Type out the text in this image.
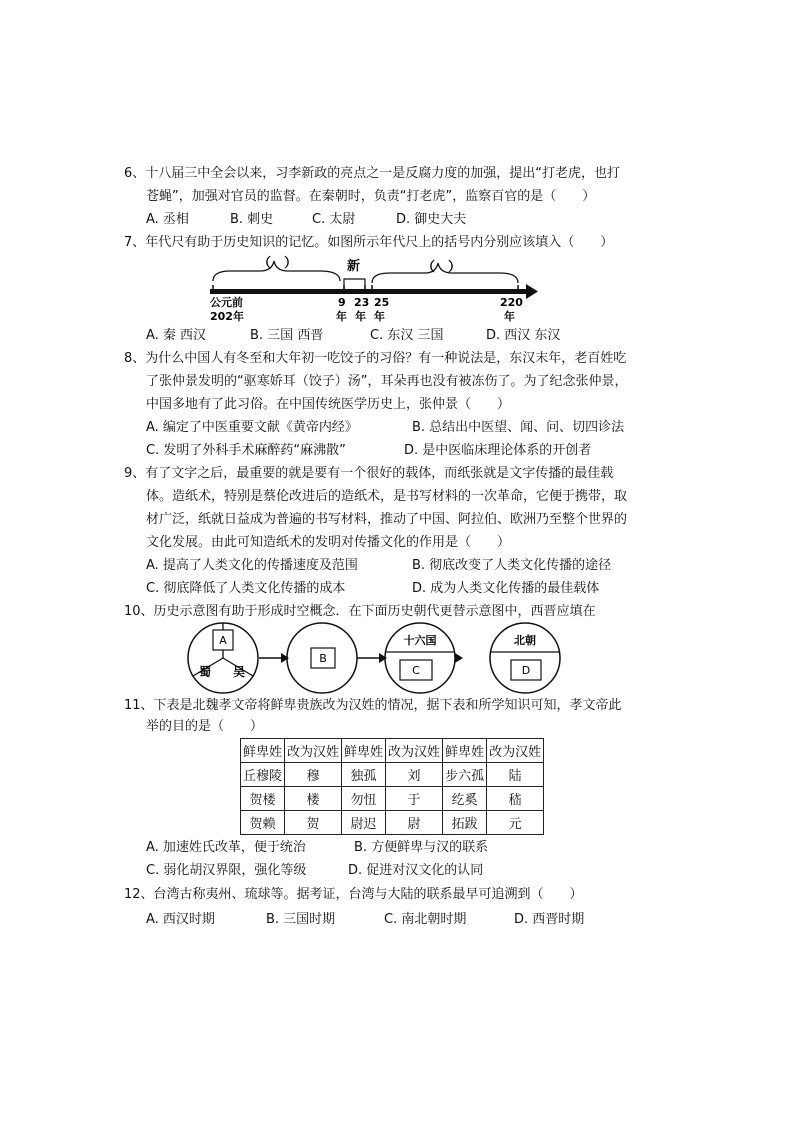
6、十八届三中全会以来，习李新政的亮点之一是反腐力度的加强，提出“打老虎，也打
苍蝇”，加强对官员的监督。在秦朝时，负责“打老虎”，监察百官的是（　　）
A. 丞相	B. 刺史	C. 太尉	D. 御史大夫
7、年代尺有助于历史知识的记忆。如图所示年代尺上的括号内分别应该填入（　　）
（　）	新	（　）
公元前
202年
9
年
23
年
25
年
220
年
A. 秦 西汉	B. 三国 西晋	C. 东汉 三国	D. 西汉 东汉
8、为什么中国人有冬至和大年初一吃饺子的习俗？有一种说法是，东汉末年，老百姓吃
了张仲景发明的“驱寒娇耳（饺子）汤”，耳朵再也没有被冻伤了。为了纪念张仲景，
中国多地有了此习俗。在中国传统医学历史上，张仲景（　　）
A. 编定了中医重要文献《黄帝内经》	B. 总结出中医望、闻、问、切四诊法
C. 发明了外科手术麻醉药“麻沸散”	D. 是中医临床理论体系的开创者
9、有了文字之后，最重要的就是要有一个很好的载体，而纸张就是文字传播的最佳载
体。造纸术，特别是蔡伦改进后的造纸术，是书写材料的一次革命，它便于携带，取
材广泛，纸就日益成为普遍的书写材料，推动了中国、阿拉伯、欧洲乃至整个世界的
文化发展。由此可知造纸术的发明对传播文化的作用是（　　）
A. 提高了人类文化的传播速度及范围	B. 彻底改变了人类文化传播的途径
C. 彻底降低了人类文化传播的成本	D. 成为人类文化传播的最佳载体
10、历史示意图有助于形成时空概念．在下面历史朝代更替示意图中，西晋应填在
A
蜀 吴
B
十六国
C
北朝
D
11、下表是北魏孝文帝将鲜卑贵族改为汉姓的情况，据下表和所学知识可知，孝文帝此
举的目的是（　　）
鲜卑姓	改为汉姓	鲜卑姓	改为汉姓	鲜卑姓	改为汉姓
丘穆陵	穆	独孤	刘	步六孤	陆
贺楼	楼	勿忸	于	纥奚	嵇
贺赖	贺	尉迟	尉	拓跋	元
A. 加速姓氏改革，便于统治	B. 方便鲜卑与汉的联系
C. 弱化胡汉界限，强化等级	D. 促进对汉文化的认同
12、台湾古称夷州、琉球等。据考证，台湾与大陆的联系最早可追溯到（　　）
A. 西汉时期	B. 三国时期	C. 南北朝时期	D. 西晋时期
